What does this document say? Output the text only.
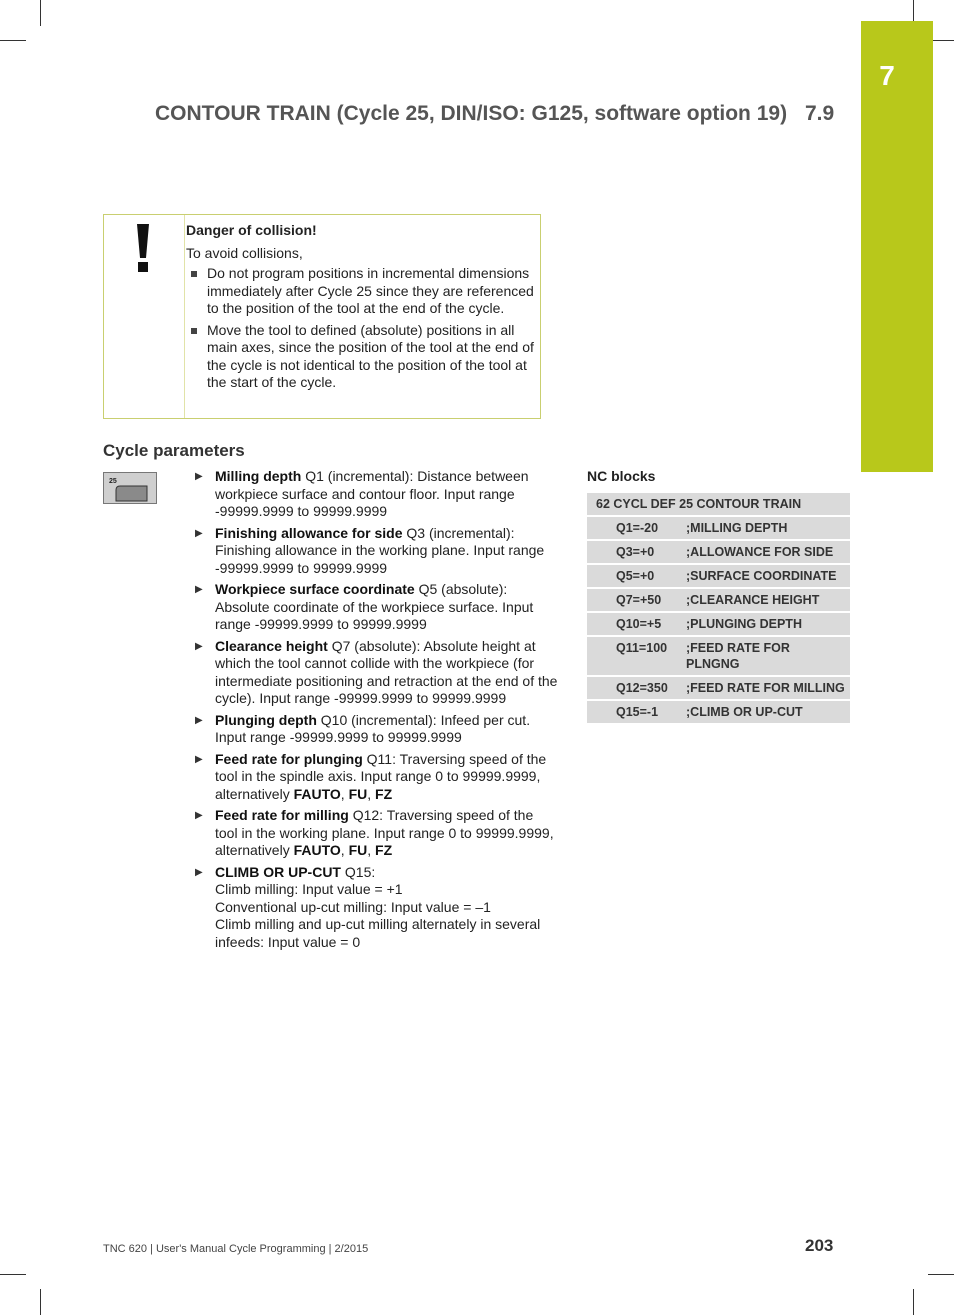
7
CONTOUR TRAIN (Cycle 25, DIN/ISO: G125, software option 19) 7.9

Danger of collision!

To avoid collisions,

Do not program positions in incremental dimensions immediately after Cycle 25 since they are referenced to the position of the tool at the end of the cycle.
Move the tool to defined (absolute) positions in all main axes, since the position of the tool at the end of the cycle is not identical to the position of the tool at the start of the cycle.
Cycle parameters
25	▶ Milling depth Q1 (incremental): Distance between workpiece surface and contour floor. Input range -99999.9999 to 99999.9999
▶ Finishing allowance for side Q3 (incremental): Finishing allowance in the working plane. Input range -99999.9999 to 99999.9999
▶ Workpiece surface coordinate Q5 (absolute): Absolute coordinate of the workpiece surface. Input range -99999.9999 to 99999.9999
▶ Clearance height Q7 (absolute): Absolute height at which the tool cannot collide with the workpiece (for intermediate positioning and retraction at the end of the cycle). Input range -99999.9999 to 99999.9999
▶ Plunging depth Q10 (incremental): Infeed per cut. Input range -99999.9999 to 99999.9999
▶ Feed rate for plunging Q11: Traversing speed of the tool in the spindle axis. Input range 0 to 99999.9999, alternatively FAUTO, FU, FZ
▶ Feed rate for milling Q12: Traversing speed of the tool in the working plane. Input range 0 to 99999.9999, alternatively FAUTO, FU, FZ
▶ CLIMB OR UP-CUT Q15:
Climb milling: Input value = +1
Conventional up-cut milling: Input value = –1
Climb milling and up-cut milling alternately in several infeeds: Input value = 0
NC blocks
62 CYCL DEF 25 CONTOUR TRAIN	
Q1=-20	;MILLING DEPTH
Q3=+0	;ALLOWANCE FOR SIDE
Q5=+0	;SURFACE COORDINATE
Q7=+50	;CLEARANCE HEIGHT
Q10=+5	;PLUNGING DEPTH
Q11=100	;FEED RATE FOR PLNGNG
Q12=350	;FEED RATE FOR MILLING
Q15=-1	;CLIMB OR UP-CUT
TNC 620 | User's Manual Cycle Programming | 2/2015	203
